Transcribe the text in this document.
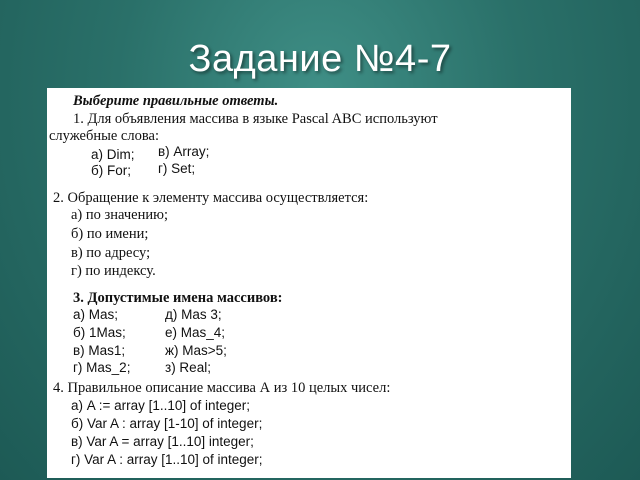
Задание №4-7
Выберите правильные ответы.
1. Для объявления массива в языке Pascal ABC используют
служебные слова:
а) Dim; в) Array;
б) For; г) Set;
2. Обращение к элементу массива осуществляется:
а) по значению;
б) по имени;
в) по адресу;
г) по индексу.
3. Допустимые имена массивов:
а) Mas;	д) Mas 3;
б) 1Mas;	е) Mas_4;
в) Mas1;	ж) Mas>5;
г) Mas_2;	з) Real;
4. Правильное описание массива А из 10 целых чисел:
а) A := array [1..10] of integer;
б) Var A : array [1-10] of integer;
в) Var A = array [1..10] integer;
г) Var A : array [1..10] of integer;
